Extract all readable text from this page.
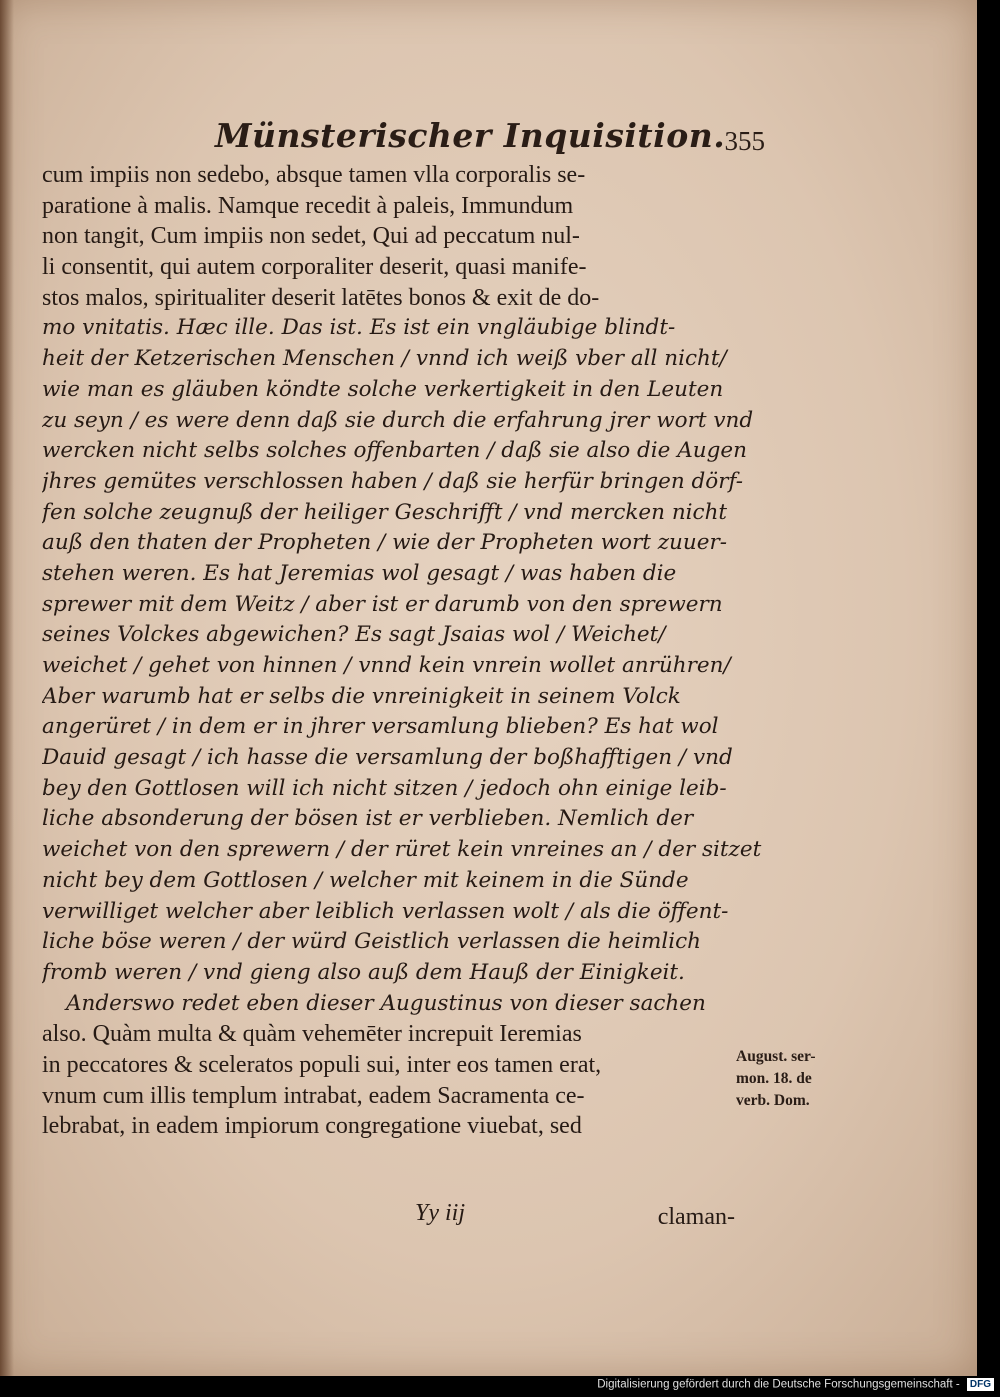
Münsterischer Inquisition. 355
cum impiis non sedebo, absque tamen vlla corporalis se-
paratione à malis. Namque recedit à paleis, Immundum
non tangit, Cum impiis non sedet, Qui ad peccatum nul-
li consentit, qui autem corporaliter deserit, quasi manife-
stos malos, spiritualiter deserit latētes bonos & exit de do-
mo vnitatis. Hæc ille. Das ist. Es ist ein vngläubige blindt-
heit der Ketzerischen Menschen / vnnd ich weiß vber all nicht/
wie man es gläuben köndte solche verkertigkeit in den Leuten
zu seyn / es were denn daß sie durch die erfahrung jrer wort vnd
wercken nicht selbs solches offenbarten / daß sie also die Augen
jhres gemütes verschlossen haben / daß sie herfür bringen dörf-
fen solche zeugnuß der heiliger Geschrifft / vnd mercken nicht
auß den thaten der Propheten / wie der Propheten wort zuuer-
stehen weren. Es hat Jeremias wol gesagt / was haben die
sprewer mit dem Weitz / aber ist er darumb von den sprewern
seines Volckes abgewichen? Es sagt Jsaias wol / Weichet/
weichet / gehet von hinnen / vnnd kein vnrein wollet anrühren/
Aber warumb hat er selbs die vnreinigkeit in seinem Volck
angerüret / in dem er in jhrer versamlung blieben? Es hat wol
Dauid gesagt / ich hasse die versamlung der boßhafftigen / vnd
bey den Gottlosen will ich nicht sitzen / jedoch ohn einige leib-
liche absonderung der bösen ist er verblieben. Nemlich der
weichet von den sprewern / der rüret kein vnreines an / der sitzet
nicht bey dem Gottlosen / welcher mit keinem in die Sünde
verwilliget welcher aber leiblich verlassen wolt / als die öffent-
liche böse weren / der würd Geistlich verlassen die heimlich
fromb weren / vnd gieng also auß dem Hauß der Einigkeit.
Anderswo redet eben dieser Augustinus von dieser sachen
also. Quàm multa & quàm vehemēter increpuit Ieremias
in peccatores & sceleratos populi sui, inter eos tamen erat,
vnum cum illis templum intrabat, eadem Sacramenta ce-
lebrabat, in eadem impiorum congregatione viuebat, sed
August. ser-
mon. 18. de
verb. Dom.
Yy iij	claman-
Digitalisierung gefördert durch die Deutsche Forschungsgemeinschaft - DFG
